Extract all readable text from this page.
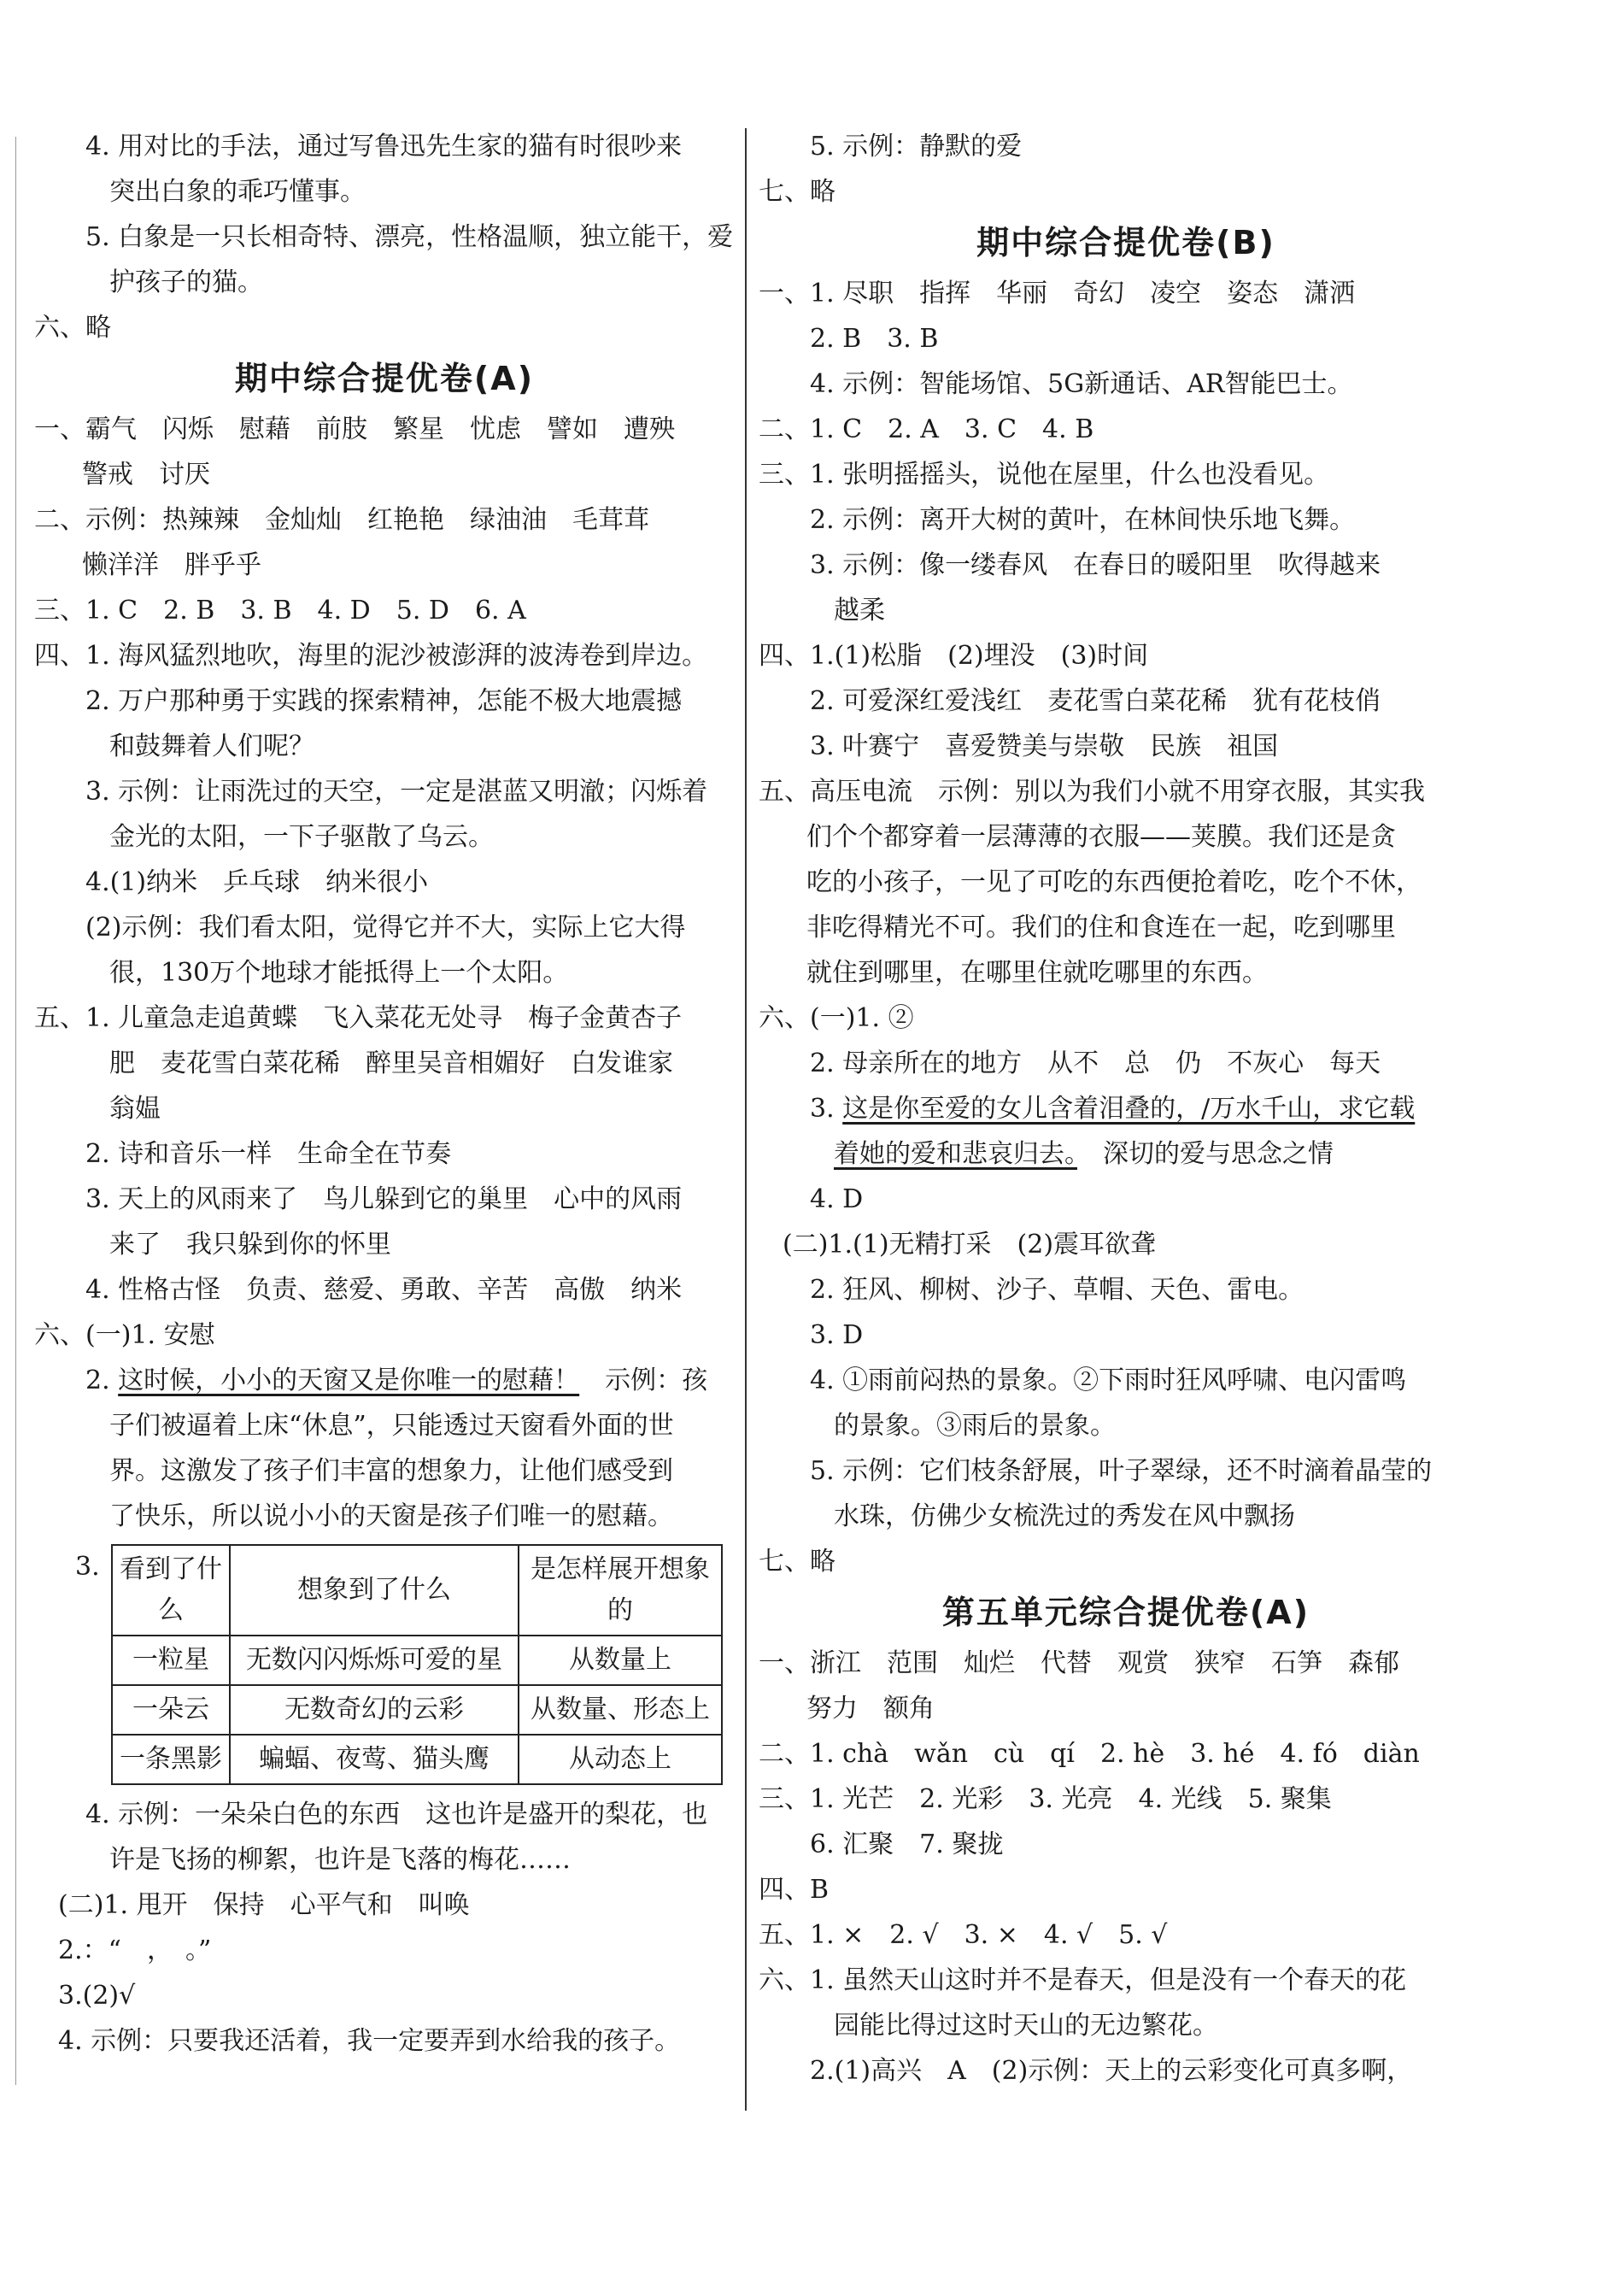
4. 用对比的手法，通过写鲁迅先生家的猫有时很吵来
突出白象的乖巧懂事。
5. 白象是一只长相奇特、漂亮，性格温顺，独立能干，爱
护孩子的猫。
六、略
期中综合提优卷(A)
一、霸气　闪烁　慰藉　前肢　繁星　忧虑　譬如　遭殃
警戒　讨厌
二、示例：热辣辣　金灿灿　红艳艳　绿油油　毛茸茸
懒洋洋　胖乎乎
三、1. C　2. B　3. B　4. D　5. D　6. A
四、1. 海风猛烈地吹，海里的泥沙被澎湃的波涛卷到岸边。
2. 万户那种勇于实践的探索精神，怎能不极大地震撼
和鼓舞着人们呢？
3. 示例：让雨洗过的天空，一定是湛蓝又明澈；闪烁着
金光的太阳，一下子驱散了乌云。
4.(1)纳米　乒乓球　纳米很小
(2)示例：我们看太阳，觉得它并不大，实际上它大得
很，130万个地球才能抵得上一个太阳。
五、1. 儿童急走追黄蝶　飞入菜花无处寻　梅子金黄杏子
肥　麦花雪白菜花稀　醉里吴音相媚好　白发谁家
翁媪
2. 诗和音乐一样　生命全在节奏
3. 天上的风雨来了　鸟儿躲到它的巢里　心中的风雨
来了　我只躲到你的怀里
4. 性格古怪　负责、慈爱、勇敢、辛苦　高傲　纳米
六、(一)1. 安慰
2. 这时候，小小的天窗又是你唯一的慰藉！　示例：孩
子们被逼着上床“休息”，只能透过天窗看外面的世
界。这激发了孩子们丰富的想象力，让他们感受到
了快乐，所以说小小的天窗是孩子们唯一的慰藉。
3. 看到了什么	想象到了什么	是怎样展开想象的
一粒星	无数闪闪烁烁可爱的星	从数量上
一朵云	无数奇幻的云彩	从数量、形态上
一条黑影	蝙蝠、夜莺、猫头鹰	从动态上
4. 示例：一朵朵白色的东西　这也许是盛开的梨花，也
许是飞扬的柳絮，也许是飞落的梅花……
(二)1. 甩开　保持　心平气和　叫唤
2.：“　，　。”
3.(2)√
4. 示例：只要我还活着，我一定要弄到水给我的孩子。
5. 示例：静默的爱
七、略
期中综合提优卷(B)
一、1. 尽职　指挥　华丽　奇幻　凌空　姿态　潇洒
2. B　3. B
4. 示例：智能场馆、5G新通话、AR智能巴士。
二、1. C　2. A　3. C　4. B
三、1. 张明摇摇头，说他在屋里，什么也没看见。
2. 示例：离开大树的黄叶，在林间快乐地飞舞。
3. 示例：像一缕春风　在春日的暖阳里　吹得越来
越柔
四、1.(1)松脂　(2)埋没　(3)时间
2. 可爱深红爱浅红　麦花雪白菜花稀　犹有花枝俏
3. 叶赛宁　喜爱赞美与崇敬　民族　祖国
五、高压电流　示例：别以为我们小就不用穿衣服，其实我
们个个都穿着一层薄薄的衣服——荚膜。我们还是贪
吃的小孩子，一见了可吃的东西便抢着吃，吃个不休，
非吃得精光不可。我们的住和食连在一起，吃到哪里
就住到哪里，在哪里住就吃哪里的东西。
六、(一)1. ②
2. 母亲所在的地方　从不　总　仍　不灰心　每天
3. 这是你至爱的女儿含着泪叠的，/万水千山，求它载
着她的爱和悲哀归去。　深切的爱与思念之情
4. D
(二)1.(1)无精打采　(2)震耳欲聋
2. 狂风、柳树、沙子、草帽、天色、雷电。
3. D
4. ①雨前闷热的景象。②下雨时狂风呼啸、电闪雷鸣
的景象。③雨后的景象。
5. 示例：它们枝条舒展，叶子翠绿，还不时滴着晶莹的
水珠，仿佛少女梳洗过的秀发在风中飘扬
七、略
第五单元综合提优卷(A)
一、浙江　范围　灿烂　代替　观赏　狭窄　石笋　森郁
努力　额角
二、1. chà　wǎn　cù　qí　2. hè　3. hé　4. fó　diàn
三、1. 光芒　2. 光彩　3. 光亮　4. 光线　5. 聚集
6. 汇聚　7. 聚拢
四、B
五、1. ×　2. √　3. ×　4. √　5. √
六、1. 虽然天山这时并不是春天，但是没有一个春天的花
园能比得过这时天山的无边繁花。
2.(1)高兴　A　(2)示例：天上的云彩变化可真多啊，
